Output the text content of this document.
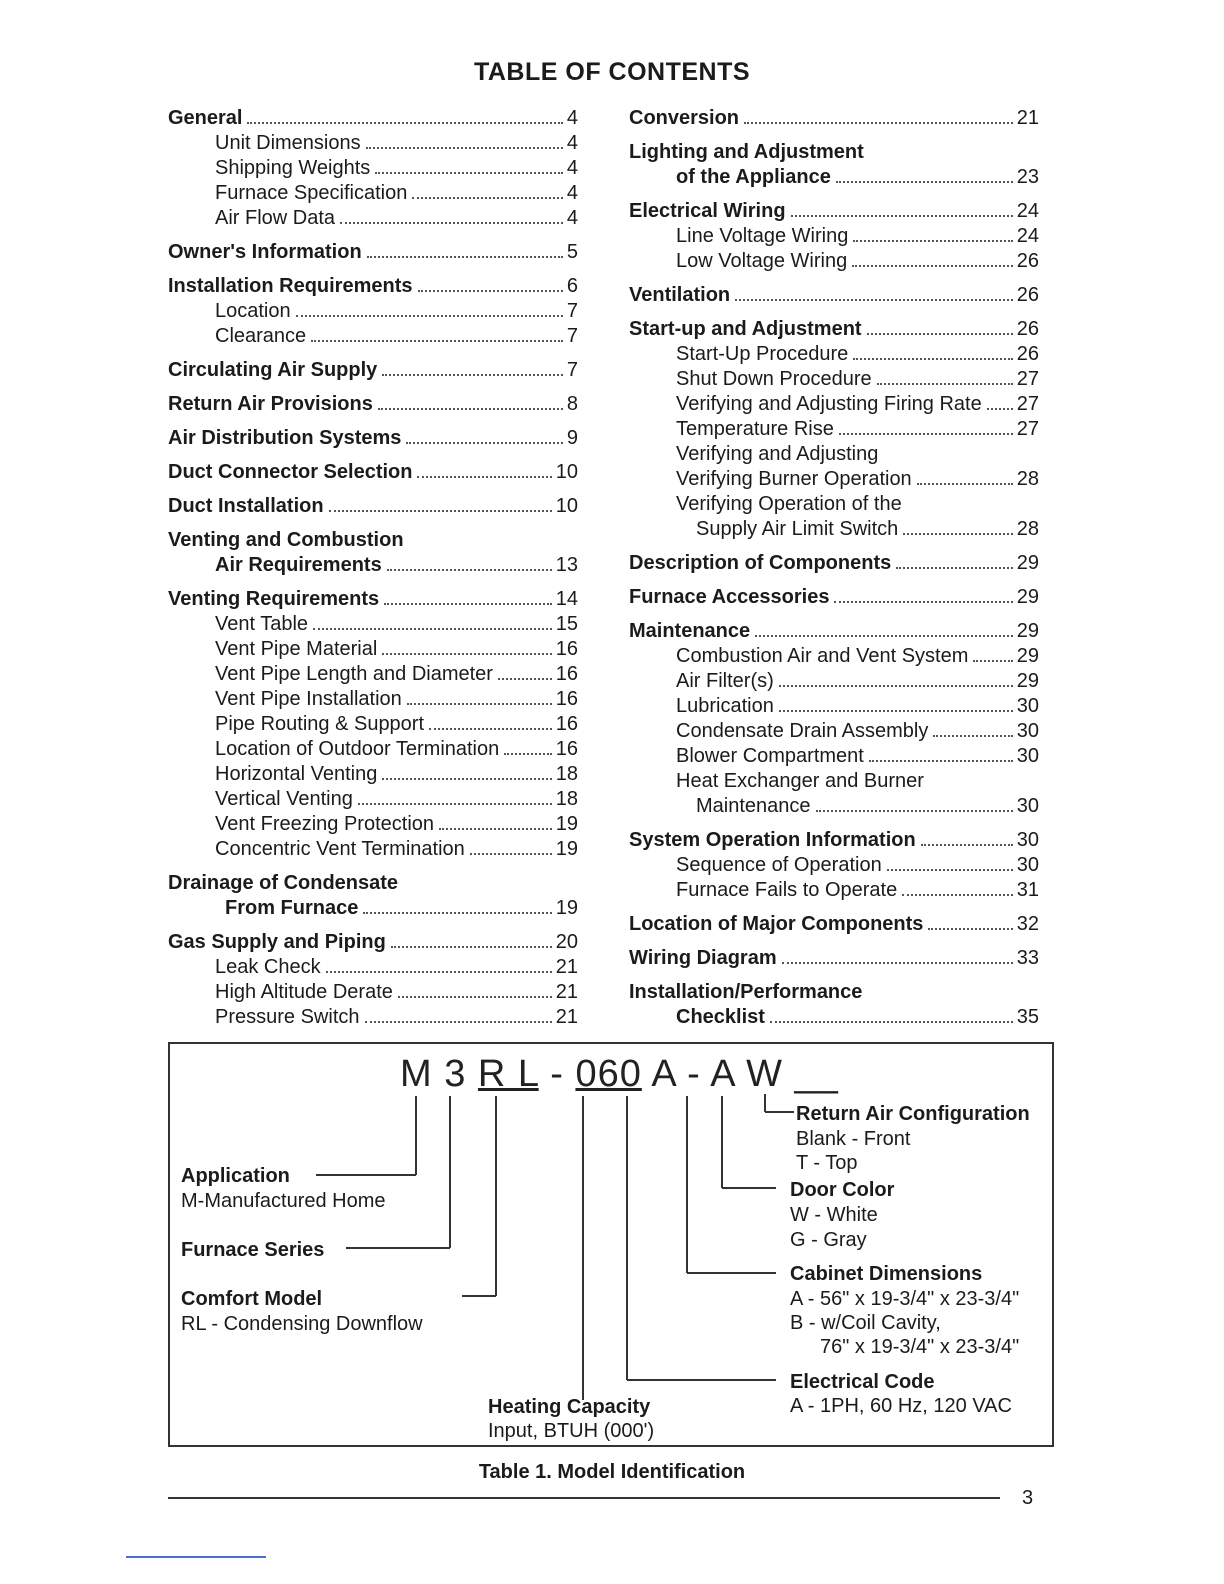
TABLE OF CONTENTS
General	4
Unit Dimensions	4
Shipping Weights	4
Furnace Specification	4
Air Flow Data	4
Owner's Information	5
Installation Requirements	6
Location	7
Clearance	7
Circulating Air Supply	7
Return Air Provisions	8
Air Distribution Systems	9
Duct Connector Selection	10
Duct Installation	10
Venting and Combustion
Air Requirements	13
Venting Requirements	14
Vent Table	15
Vent Pipe Material	16
Vent Pipe Length and Diameter	16
Vent Pipe Installation	16
Pipe Routing & Support	16
Location of Outdoor Termination	16
Horizontal Venting	18
Vertical Venting	18
Vent Freezing Protection	19
Concentric Vent Termination	19
Drainage of Condensate
From Furnace	19
Gas Supply and Piping	20
Leak Check	21
High Altitude Derate	21
Pressure Switch	21
Conversion	21
Lighting and Adjustment
of the Appliance	23
Electrical Wiring	24
Line Voltage Wiring	24
Low Voltage Wiring	26
Ventilation	26
Start-up and Adjustment	26
Start-Up Procedure	26
Shut Down Procedure	27
Verifying and Adjusting Firing Rate 27
Temperature Rise	27
Verifying and Adjusting
Verifying Burner Operation	28
Verifying Operation of the
Supply Air Limit Switch	28
Description of Components	29
Furnace Accessories	29
Maintenance	29
Combustion Air and Vent System 29
Air Filter(s)	29
Lubrication	30
Condensate Drain Assembly	30
Blower Compartment	30
Heat Exchanger and Burner
Maintenance	30
System Operation Information	30
Sequence of Operation	30
Furnace Fails to Operate	31
Location of Major Components	32
Wiring Diagram	33
Installation/Performance
Checklist	35
M 3 R L - 060 A - A W __
Application
M-Manufactured Home
Furnace Series
Comfort Model
RL - Condensing Downflow
Heating Capacity
Input, BTUH (000')
Return Air Configuration
Blank - Front
T - Top
Door Color
W - White
G - Gray
Cabinet Dimensions
A - 56" x 19-3/4" x 23-3/4"
B - w/Coil Cavity,
76" x 19-3/4" x 23-3/4"
Electrical Code
A - 1PH, 60 Hz, 120 VAC
Table 1. Model Identification
3
